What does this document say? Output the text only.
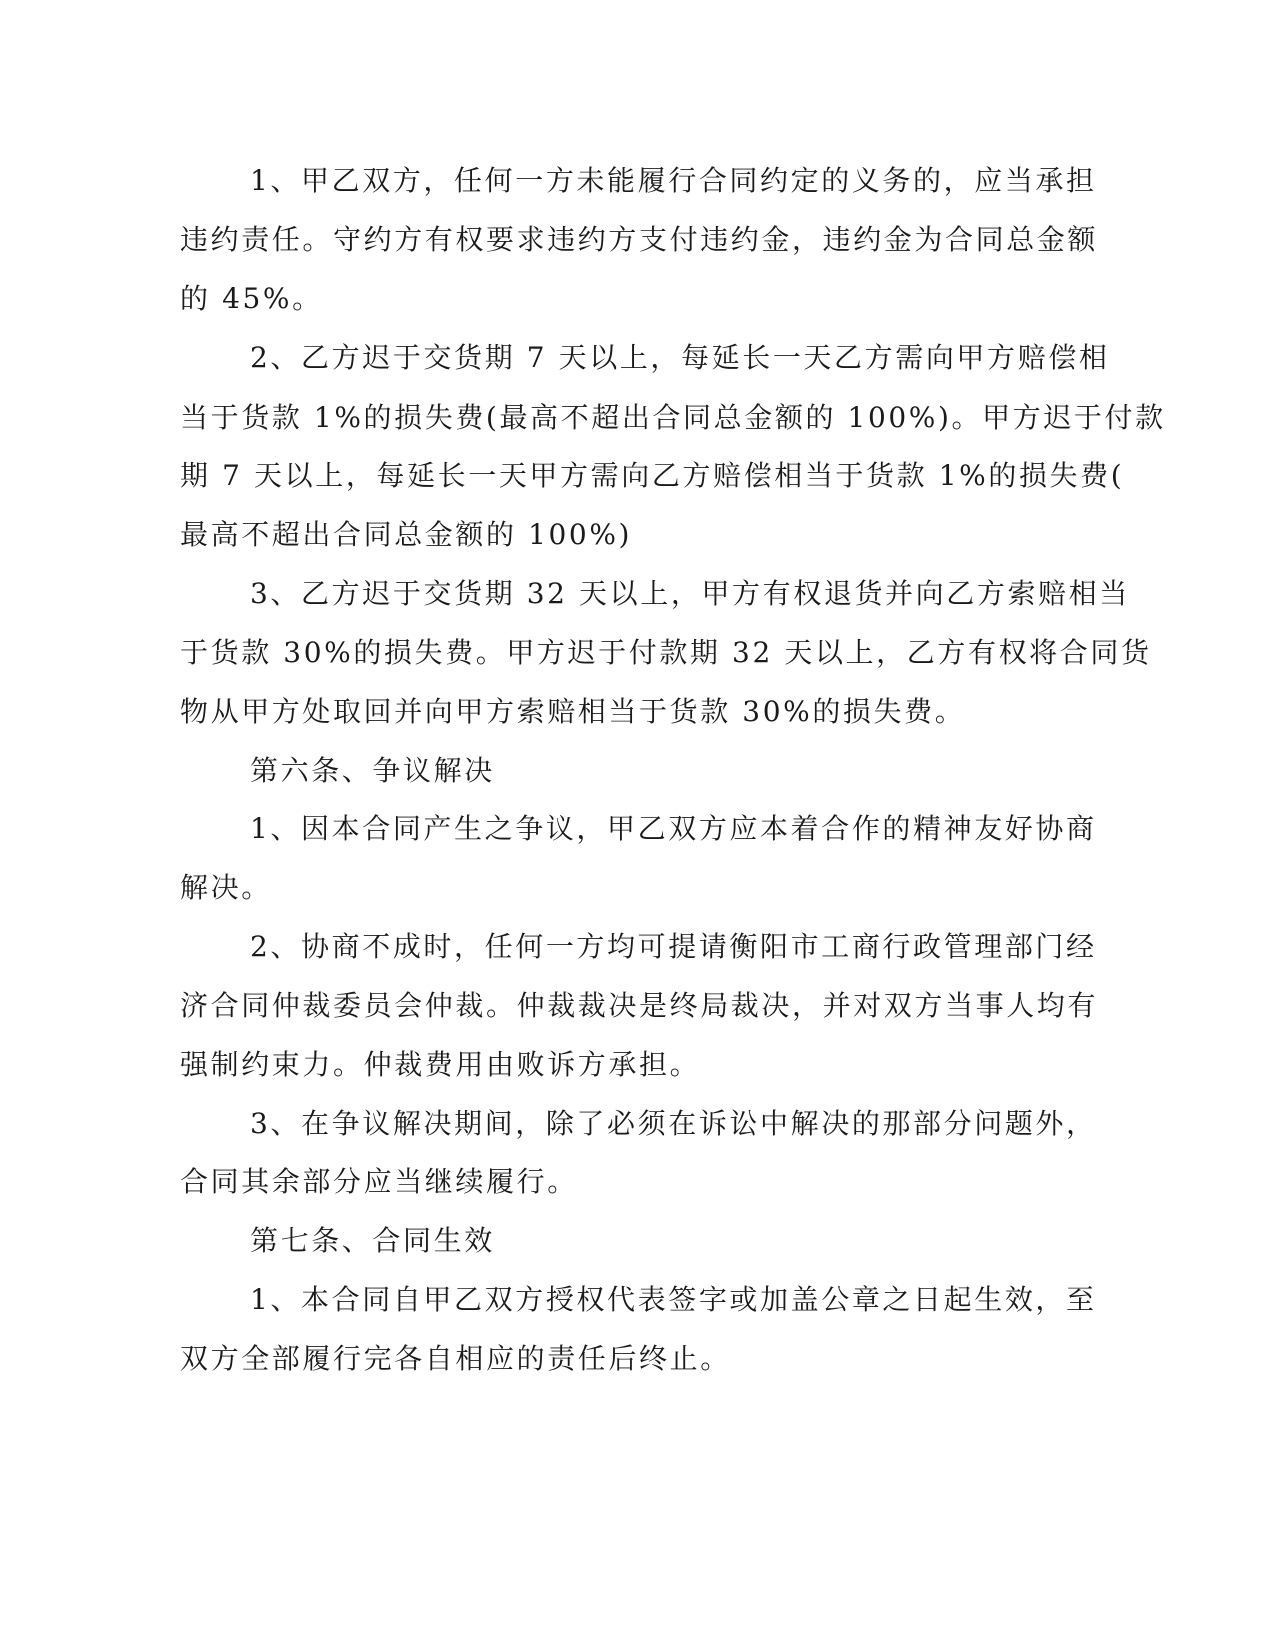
1、甲乙双方，任何一方未能履行合同约定的义务的，应当承担
违约责任。守约方有权要求违约方支付违约金，违约金为合同总金额
的 45%。
2、乙方迟于交货期 7 天以上，每延长一天乙方需向甲方赔偿相
当于货款 1%的损失费(最高不超出合同总金额的 100%)。甲方迟于付款
期 7 天以上，每延长一天甲方需向乙方赔偿相当于货款 1%的损失费(
最高不超出合同总金额的 100%)
3、乙方迟于交货期 32 天以上，甲方有权退货并向乙方索赔相当
于货款 30%的损失费。甲方迟于付款期 32 天以上，乙方有权将合同货
物从甲方处取回并向甲方索赔相当于货款 30%的损失费。
第六条、争议解决
1、因本合同产生之争议，甲乙双方应本着合作的精神友好协商
解决。
2、协商不成时，任何一方均可提请衡阳市工商行政管理部门经
济合同仲裁委员会仲裁。仲裁裁决是终局裁决，并对双方当事人均有
强制约束力。仲裁费用由败诉方承担。
3、在争议解决期间，除了必须在诉讼中解决的那部分问题外，
合同其余部分应当继续履行。
第七条、合同生效
1、本合同自甲乙双方授权代表签字或加盖公章之日起生效，至
双方全部履行完各自相应的责任后终止。
